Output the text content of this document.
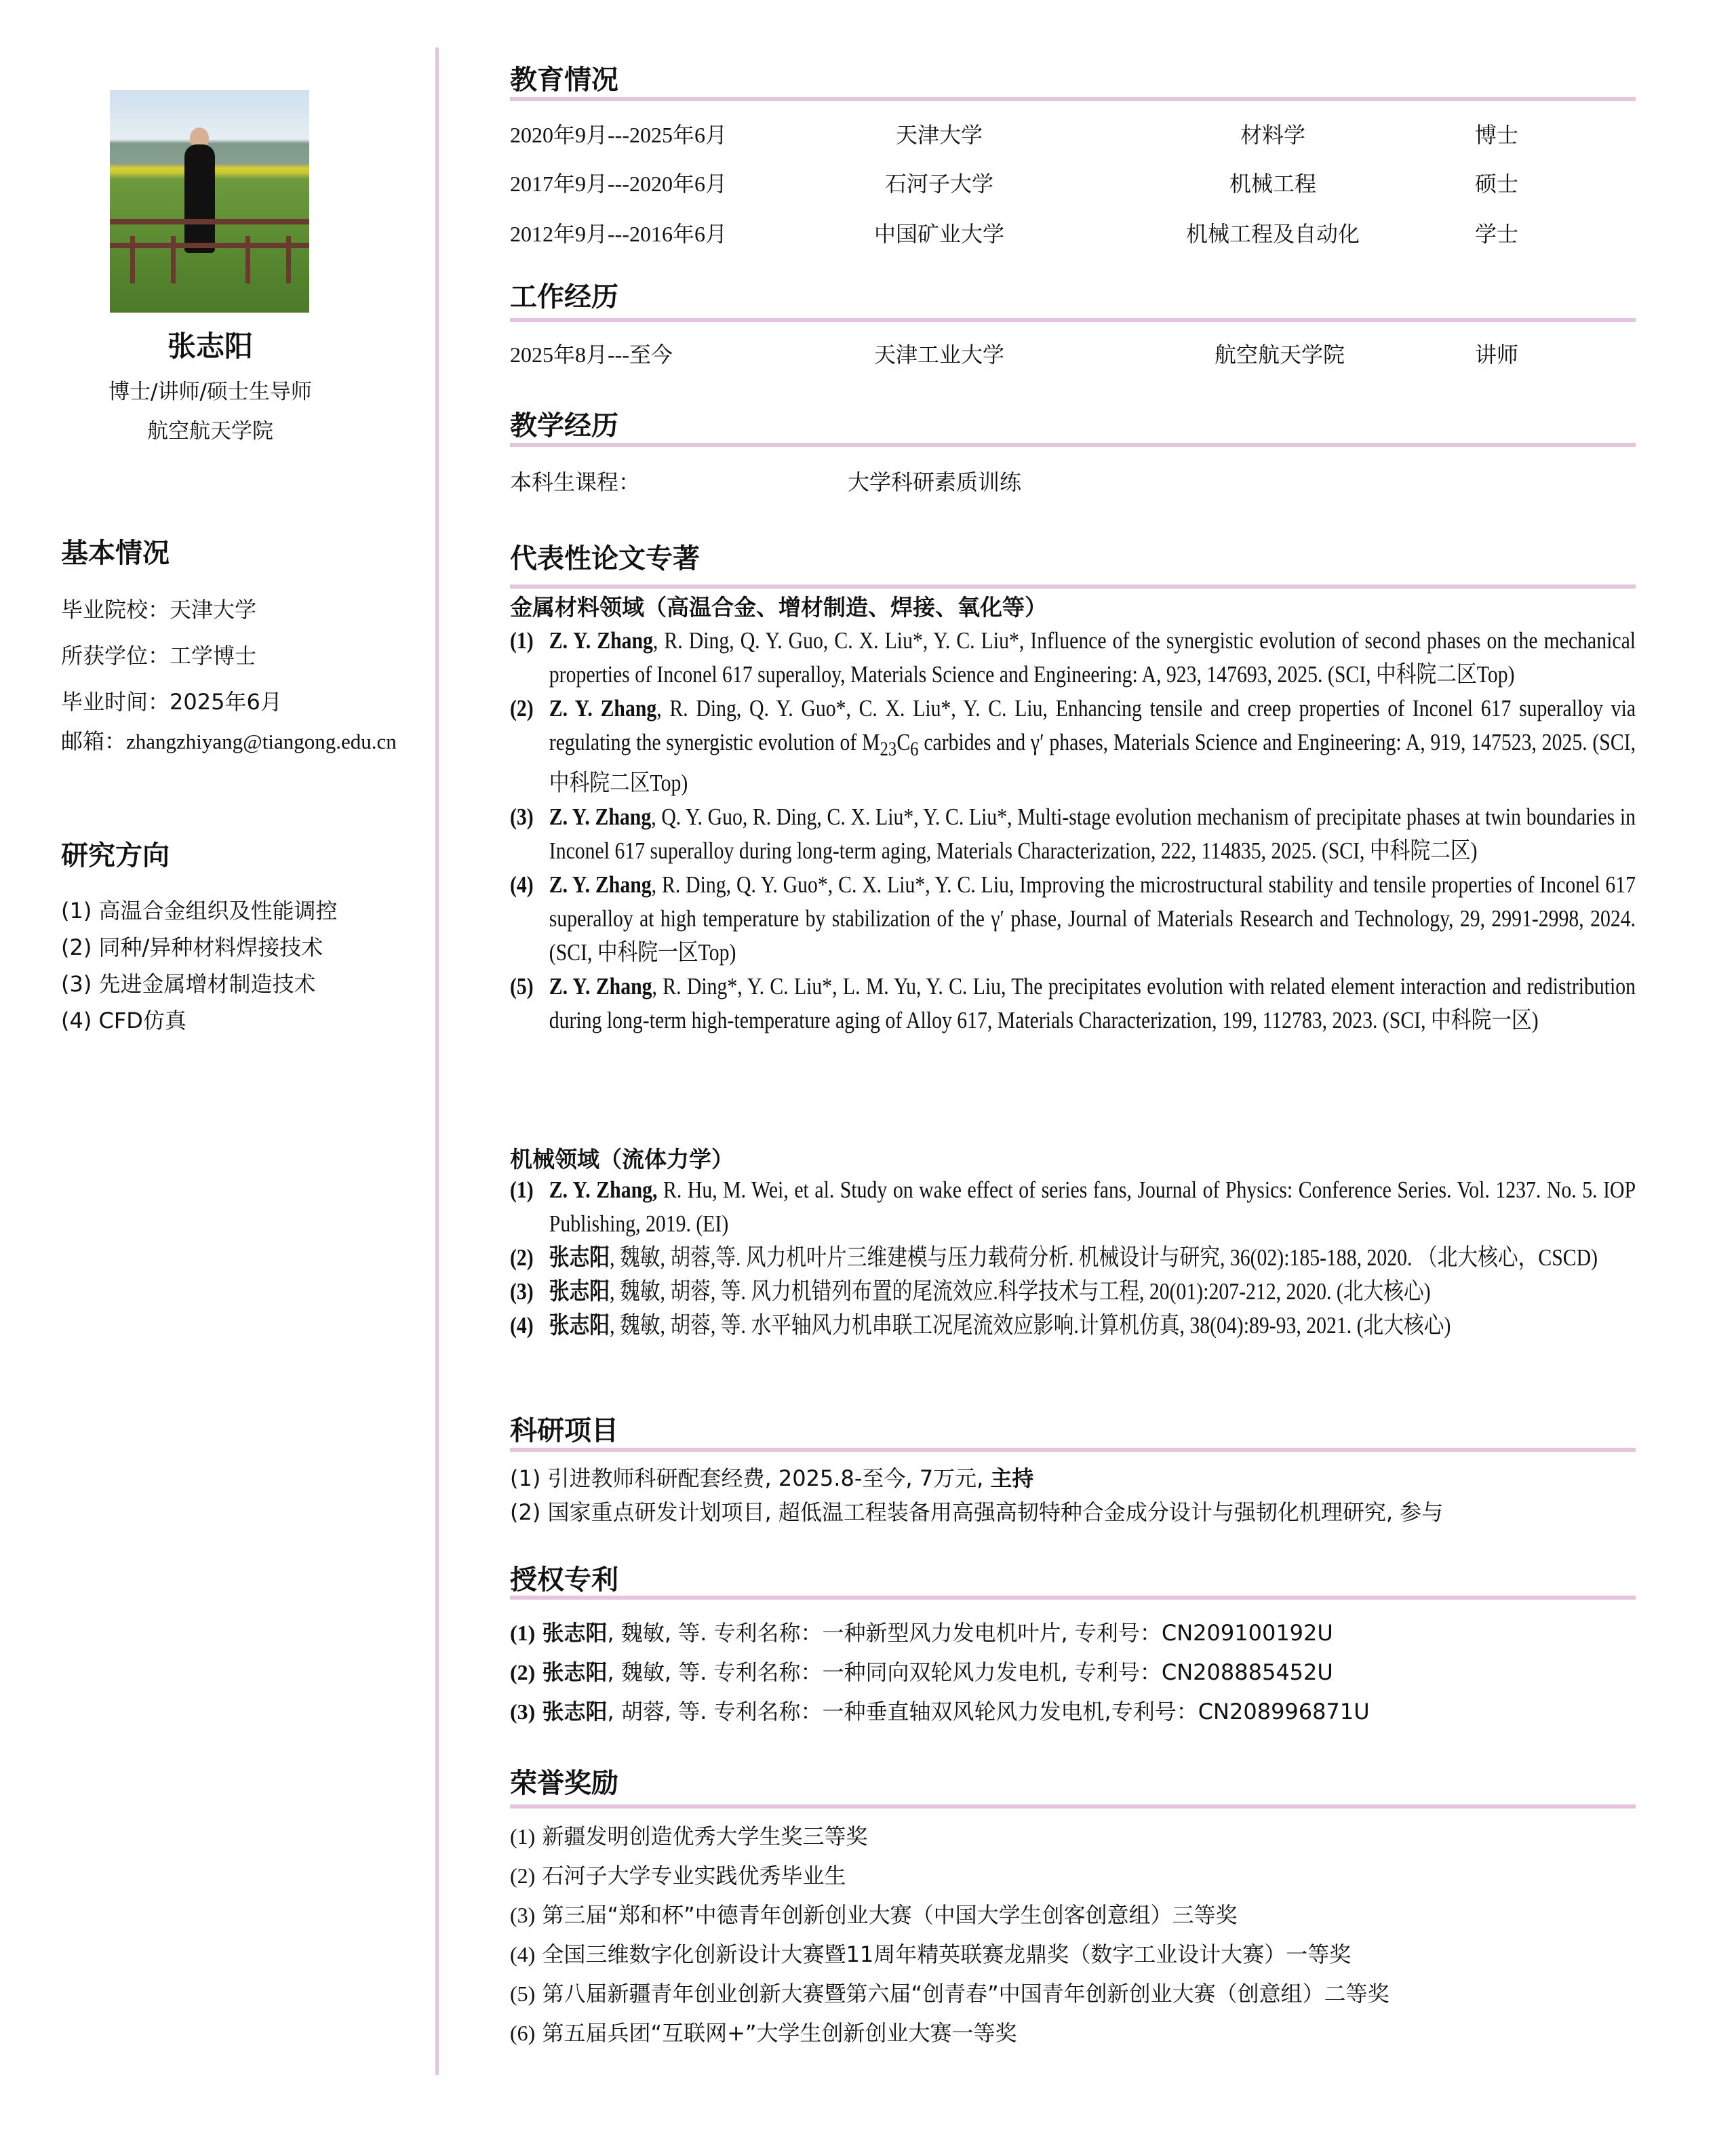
张志阳
博士/讲师/硕士生导师
航空航天学院
基本情况
毕业院校：天津大学
所获学位：工学博士
毕业时间：2025年6月
邮箱：zhangzhiyang@tiangong.edu.cn
研究方向
(1) 高温合金组织及性能调控
(2) 同种/异种材料焊接技术
(3) 先进金属增材制造技术
(4) CFD仿真
教育情况
2020年9月---2025年6月	天津大学	材料学	博士
2017年9月---2020年6月	石河子大学	机械工程	硕士
2012年9月---2016年6月	中国矿业大学	机械工程及自动化	学士
工作经历
2025年8月---至今	天津工业大学	航空航天学院	讲师
教学经历
本科生课程：	大学科研素质训练
代表性论文专著
金属材料领域（高温合金、增材制造、焊接、氧化等）

(1) Z. Y. Zhang, R. Ding, Q. Y. Guo, C. X. Liu*, Y. C. Liu*, Influence of the synergistic evolution of second phases on the mechanical properties of Inconel 617 superalloy, Materials Science and Engineering: A, 923, 147693, 2025. (SCI, 中科院二区Top)

(2) Z. Y. Zhang, R. Ding, Q. Y. Guo*, C. X. Liu*, Y. C. Liu, Enhancing tensile and creep properties of Inconel 617 superalloy via regulating the synergistic evolution of $M_{23}C_6$ carbides and γ′ phases, Materials Science and Engineering: A, 919, 147523, 2025. (SCI, 中科院二区Top)

(3) Z. Y. Zhang, Q. Y. Guo, R. Ding, C. X. Liu*, Y. C. Liu*, Multi-stage evolution mechanism of precipitate phases at twin boundaries in Inconel 617 superalloy during long-term aging, Materials Characterization, 222, 114835, 2025. (SCI, 中科院二区)

(4) Z. Y. Zhang, R. Ding, Q. Y. Guo*, C. X. Liu*, Y. C. Liu, Improving the microstructural stability and tensile properties of Inconel 617 superalloy at high temperature by stabilization of the γ′ phase, Journal of Materials Research and Technology, 29, 2991-2998, 2024. (SCI, 中科院一区Top)

(5) Z. Y. Zhang, R. Ding*, Y. C. Liu*, L. M. Yu, Y. C. Liu, The precipitates evolution with related element interaction and redistribution during long-term high-temperature aging of Alloy 617, Materials Characterization, 199, 112783, 2023. (SCI, 中科院一区)

机械领域（流体力学）

(1) Z. Y. Zhang, R. Hu, M. Wei, et al. Study on wake effect of series fans, Journal of Physics: Conference Series. Vol. 1237. No. 5. IOP Publishing, 2019. (EI)

(2) 张志阳, 魏敏, 胡蓉,等. 风力机叶片三维建模与压力载荷分析. 机械设计与研究, 36(02):185-188, 2020. （北大核心，CSCD)

(3) 张志阳, 魏敏, 胡蓉, 等. 风力机错列布置的尾流效应.科学技术与工程, 20(01):207-212, 2020. (北大核心)

(4) 张志阳, 魏敏, 胡蓉, 等. 水平轴风力机串联工况尾流效应影响.计算机仿真, 38(04):89-93, 2021. (北大核心)

科研项目
(1) 引进教师科研配套经费, 2025.8-至今, 7万元, 主持
(2) 国家重点研发计划项目, 超低温工程装备用高强高韧特种合金成分设计与强韧化机理研究, 参与
授权专利
(1) 张志阳, 魏敏, 等. 专利名称：一种新型风力发电机叶片, 专利号：CN209100192U
(2) 张志阳, 魏敏, 等. 专利名称：一种同向双轮风力发电机, 专利号：CN208885452U
(3) 张志阳, 胡蓉, 等. 专利名称：一种垂直轴双风轮风力发电机,专利号：CN208996871U
荣誉奖励
(1) 新疆发明创造优秀大学生奖三等奖
(2) 石河子大学专业实践优秀毕业生
(3) 第三届“郑和杯”中德青年创新创业大赛（中国大学生创客创意组）三等奖
(4) 全国三维数字化创新设计大赛暨11周年精英联赛龙鼎奖（数字工业设计大赛）一等奖
(5) 第八届新疆青年创业创新大赛暨第六届“创青春”中国青年创新创业大赛（创意组）二等奖
(6) 第五届兵团“互联网+”大学生创新创业大赛一等奖
